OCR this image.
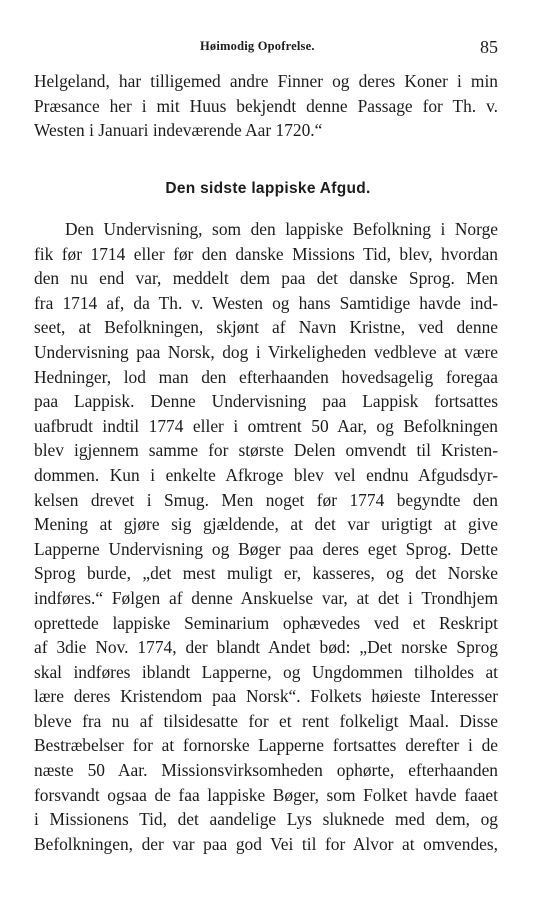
Høimodig Opofrelse.	85
Helgeland, har tilligemed andre Finner og deres Koner i min
Præsance her i mit Huus bekjendt denne Passage for Th. v.
Westen i Januari indeværende Aar 1720.“
Den sidste lappiske Afgud.
Den Undervisning, som den lappiske Befolkning i Norge
fik før 1714 eller før den danske Missions Tid, blev, hvordan
den nu end var, meddelt dem paa det danske Sprog. Men
fra 1714 af, da Th. v. Westen og hans Samtidige havde ind-
seet, at Befolkningen, skjønt af Navn Kristne, ved denne
Undervisning paa Norsk, dog i Virkeligheden vedbleve at være
Hedninger, lod man den efterhaanden hovedsagelig foregaa
paa Lappisk. Denne Undervisning paa Lappisk fortsattes
uafbrudt indtil 1774 eller i omtrent 50 Aar, og Befolkningen
blev igjennem samme for største Delen omvendt til Kristen-
dommen. Kun i enkelte Afkroge blev vel endnu Afgudsdyr-
kelsen drevet i Smug. Men noget før 1774 begyndte den
Mening at gjøre sig gjældende, at det var urigtigt at give
Lapperne Undervisning og Bøger paa deres eget Sprog. Dette
Sprog burde, „det mest muligt er, kasseres, og det Norske
indføres.“ Følgen af denne Anskuelse var, at det i Trondhjem
oprettede lappiske Seminarium ophævedes ved et Reskript
af 3die Nov. 1774, der blandt Andet bød: „Det norske Sprog
skal indføres iblandt Lapperne, og Ungdommen tilholdes at
lære deres Kristendom paa Norsk“. Folkets høieste Interesser
bleve fra nu af tilsidesatte for et rent folkeligt Maal. Disse
Bestræbelser for at fornorske Lapperne fortsattes derefter i de
næste 50 Aar. Missionsvirksomheden ophørte, efterhaanden
forsvandt ogsaa de faa lappiske Bøger, som Folket havde faaet
i Missionens Tid, det aandelige Lys sluknede med dem, og
Befolkningen, der var paa god Vei til for Alvor at omvendes,
